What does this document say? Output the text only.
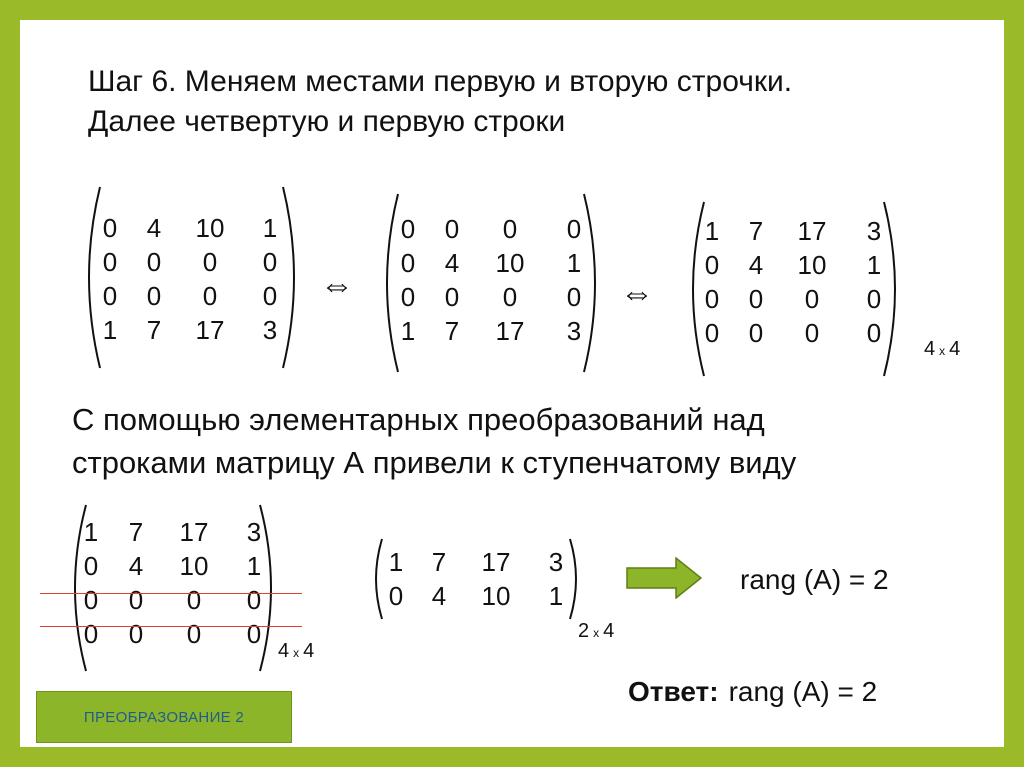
Шаг 6. Меняем местами первую и вторую строчки.
Далее четвертую и первую строки
0	4	10	1
0	0	0	0
0	0	0	0
1	7	17	3
⇔
0	0	0	0
0	4	10	1
0	0	0	0
1	7	17	3
⇔
1	7	17	3
0	4	10	1
0	0	0	0
0	0	0	0
4 x 4
С помощью элементарных преобразований над
строками матрицу А привели к ступенчатому виду
1	7	17	3
0	4	10	1
0	0	0	0
0	0	0	0
4 x 4
1	7	17	3
0	4	10	1
2 x 4
rang (A) = 2
Ответ: rang (A) = 2
ПРЕОБРАЗОВАНИЕ 2
